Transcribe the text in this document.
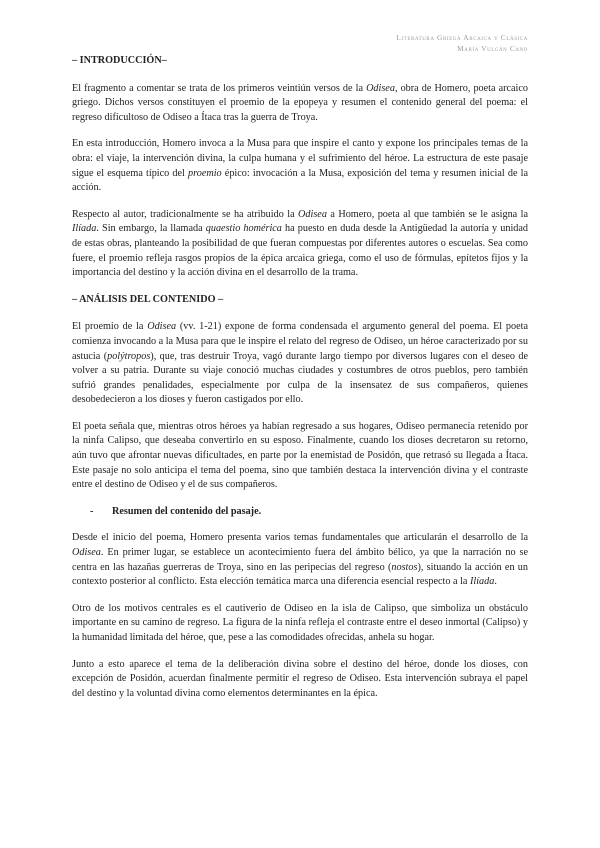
Literatura Griega Arcaica y Clásica
María Vulcán Cano
– INTRODUCCIÓN–

El fragmento a comentar se trata de los primeros veintiún versos de la Odisea, obra de Homero, poeta arcaico griego. Dichos versos constituyen el proemio de la epopeya y resumen el contenido general del poema: el regreso dificultoso de Odiseo a Ítaca tras la guerra de Troya.

En esta introducción, Homero invoca a la Musa para que inspire el canto y expone los principales temas de la obra: el viaje, la intervención divina, la culpa humana y el sufrimiento del héroe. La estructura de este pasaje sigue el esquema típico del proemio épico: invocación a la Musa, exposición del tema y resumen inicial de la acción.

Respecto al autor, tradicionalmente se ha atribuido la Odisea a Homero, poeta al que también se le asigna la Ilíada. Sin embargo, la llamada quaestio homérica ha puesto en duda desde la Antigüedad la autoría y unidad de estas obras, planteando la posibilidad de que fueran compuestas por diferentes autores o escuelas. Sea como fuere, el proemio refleja rasgos propios de la épica arcaica griega, como el uso de fórmulas, epítetos fijos y la importancia del destino y la acción divina en el desarrollo de la trama.

– ANÁLISIS DEL CONTENIDO –

El proemio de la Odisea (vv. 1-21) expone de forma condensada el argumento general del poema. El poeta comienza invocando a la Musa para que le inspire el relato del regreso de Odiseo, un héroe caracterizado por su astucia (polýtropos), que, tras destruir Troya, vagó durante largo tiempo por diversos lugares con el deseo de volver a su patria. Durante su viaje conoció muchas ciudades y costumbres de otros pueblos, pero también sufrió grandes penalidades, especialmente por culpa de la insensatez de sus compañeros, quienes desobedecieron a los dioses y fueron castigados por ello.

El poeta señala que, mientras otros héroes ya habían regresado a sus hogares, Odiseo permanecía retenido por la ninfa Calipso, que deseaba convertirlo en su esposo. Finalmente, cuando los dioses decretaron su retorno, aún tuvo que afrontar nuevas dificultades, en parte por la enemistad de Posidón, que retrasó su llegada a Ítaca. Este pasaje no solo anticipa el tema del poema, sino que también destaca la intervención divina y el contraste entre el destino de Odiseo y el de sus compañeros.

-	Resumen del contenido del pasaje.

Desde el inicio del poema, Homero presenta varios temas fundamentales que articularán el desarrollo de la Odisea. En primer lugar, se establece un acontecimiento fuera del ámbito bélico, ya que la narración no se centra en las hazañas guerreras de Troya, sino en las peripecias del regreso (nostos), situando la acción en un contexto posterior al conflicto. Esta elección temática marca una diferencia esencial respecto a la Ilíada.

Otro de los motivos centrales es el cautiverio de Odiseo en la isla de Calipso, que simboliza un obstáculo importante en su camino de regreso. La figura de la ninfa refleja el contraste entre el deseo inmortal (Calipso) y la humanidad limitada del héroe, que, pese a las comodidades ofrecidas, anhela su hogar.

Junto a esto aparece el tema de la deliberación divina sobre el destino del héroe, donde los dioses, con excepción de Posidón, acuerdan finalmente permitir el regreso de Odiseo. Esta intervención subraya el papel del destino y la voluntad divina como elementos determinantes en la épica.
